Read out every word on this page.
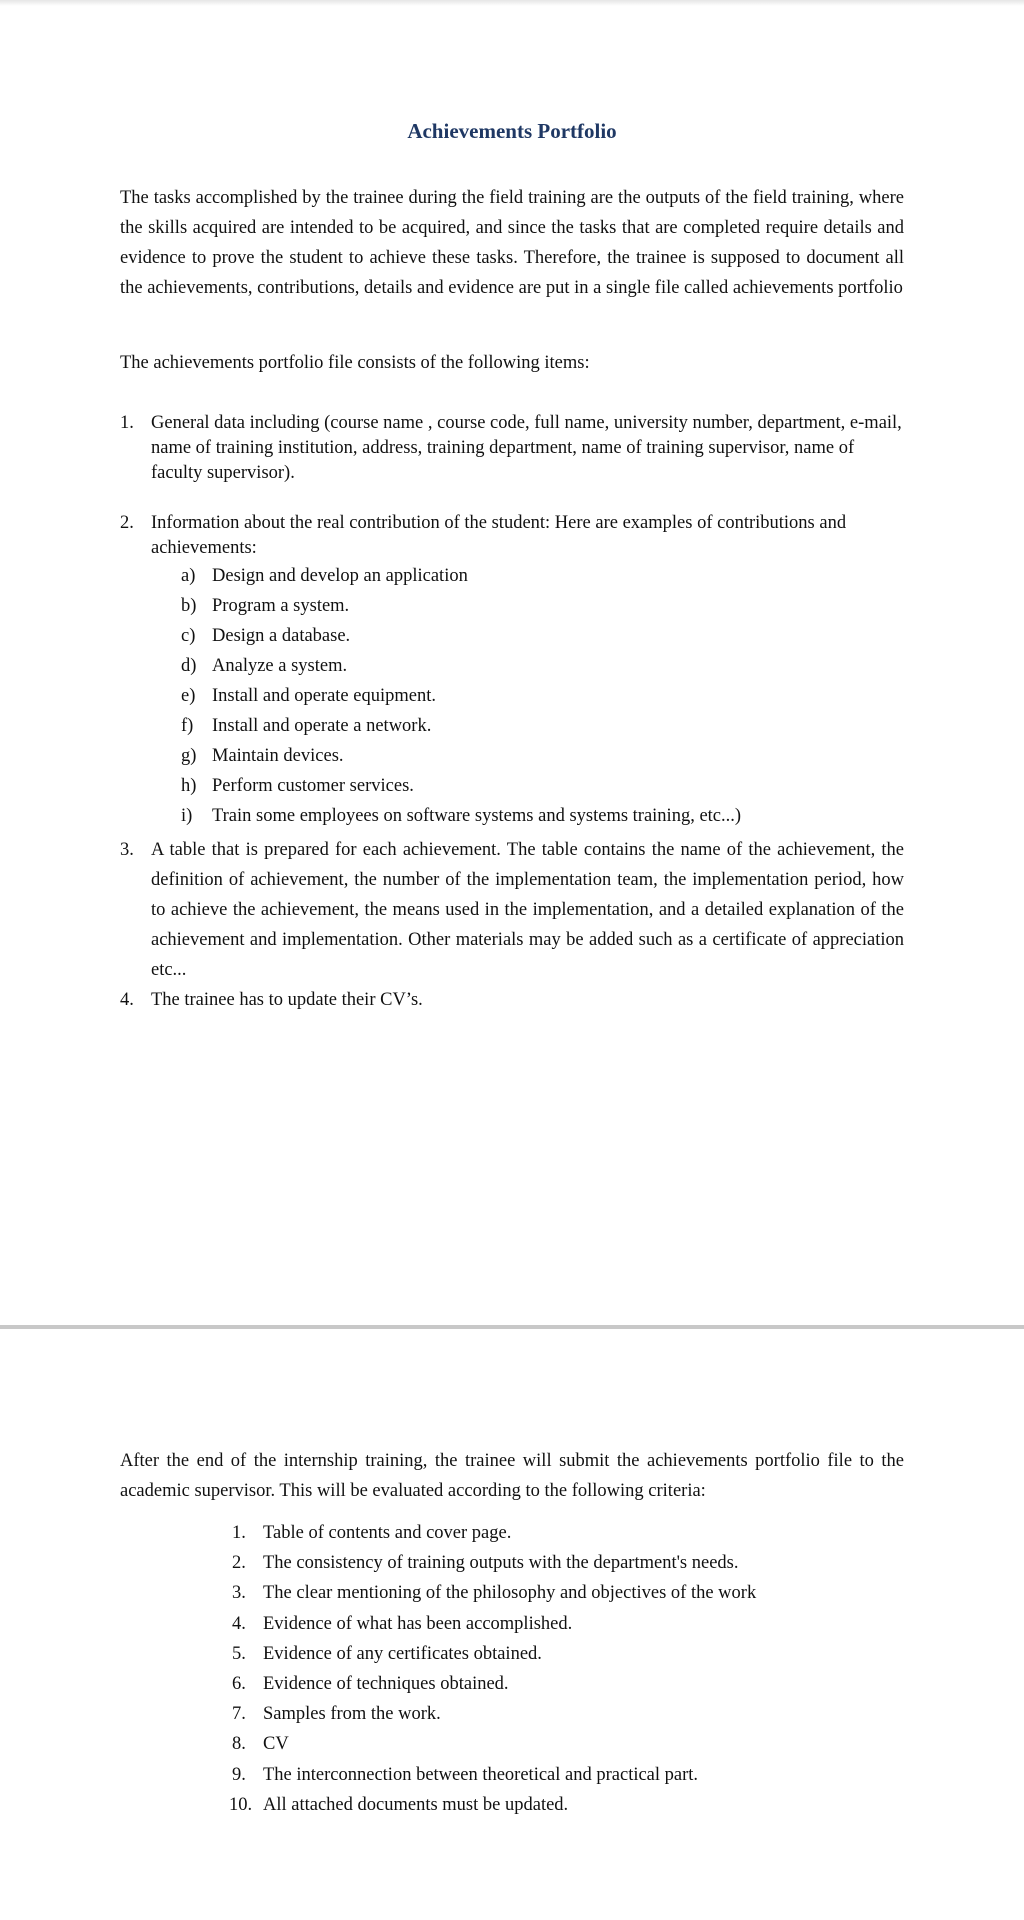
Achievements Portfolio

The tasks accomplished by the trainee during the field training are the outputs of the field training, where the skills acquired are intended to be acquired, and since the tasks that are completed require details and evidence to prove the student to achieve these tasks. Therefore, the trainee is supposed to document all the achievements, contributions, details and evidence are put in a single file called achievements portfolio

The achievements portfolio file consists of the following items:

1. General data including (course name , course code, full name, university number, department, e-mail, name of training institution, address, training department, name of training supervisor, name of faculty supervisor).
2. Information about the real contribution of the student: Here are examples of contributions and achievements:
a) Design and develop an application
b) Program a system.
c) Design a database.
d) Analyze a system.
e) Install and operate equipment.
f) Install and operate a network.
g) Maintain devices.
h) Perform customer services.
i) Train some employees on software systems and systems training, etc...)
3. A table that is prepared for each achievement. The table contains the name of the achievement, the definition of achievement, the number of the implementation team, the implementation period, how to achieve the achievement, the means used in the implementation, and a detailed explanation of the achievement and implementation. Other materials may be added such as a certificate of appreciation etc...
4. The trainee has to update their CV’s.

After the end of the internship training, the trainee will submit the achievements portfolio file to the academic supervisor. This will be evaluated according to the following criteria:

1. Table of contents and cover page.
2. The consistency of training outputs with the department's needs.
3. The clear mentioning of the philosophy and objectives of the work
4. Evidence of what has been accomplished.
5. Evidence of any certificates obtained.
6. Evidence of techniques obtained.
7. Samples from the work.
8. CV
9. The interconnection between theoretical and practical part.
10. All attached documents must be updated.
